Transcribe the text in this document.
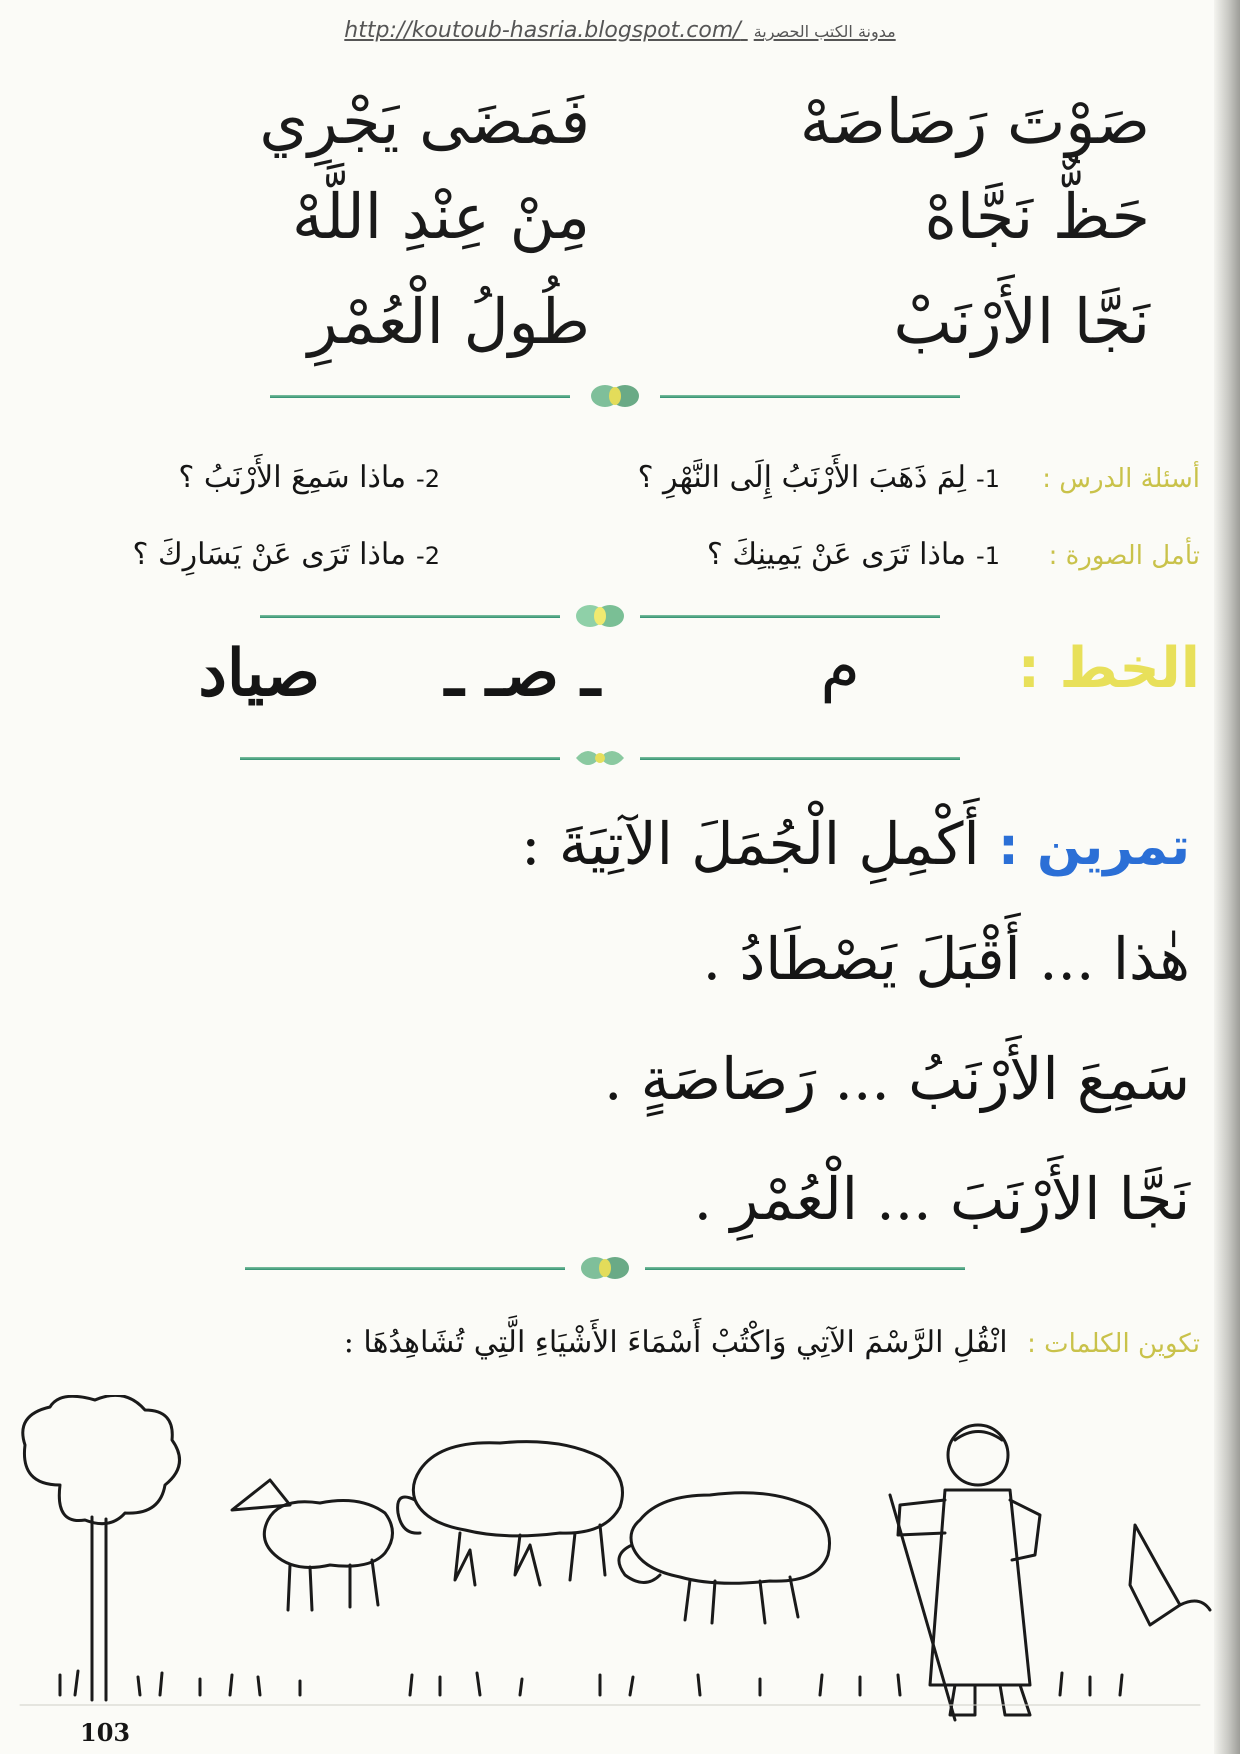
http://koutoub-hasria.blogspot.com/ مدونة الكتب الحصرية
صَوْتَ رَصَاصَهْ
فَمَضَى يَجْرِي
حَظٌّ نَجَّاهْ
مِنْ عِنْدِ اللَّهْ
نَجَّا الأَرْنَبْ
طُولُ الْعُمْرِ
أسئلة الدرس :
1-لِمَ ذَهَبَ الأَرْنَبُ إِلَى النَّهْرِ ؟
2-ماذا سَمِعَ الأَرْنَبُ ؟
تأمل الصورة :
1-ماذا تَرَى عَنْ يَمِينِكَ ؟
2-ماذا تَرَى عَنْ يَسَارِكَ ؟
الخط :
م
ـ صـ ـ
صياد
تمرين : أَكْمِلِ الْجُمَلَ الآتِيَةَ :
هٰذا ... أَقْبَلَ يَصْطَادُ .
سَمِعَ الأَرْنَبُ ... رَصَاصَةٍ .
نَجَّا الأَرْنَبَ ... الْعُمْرِ .
تكوين الكلمات : انْقُلِ الرَّسْمَ الآتِي وَاكْتُبْ أَسْمَاءَ الأَشْيَاءِ الَّتِي تُشَاهِدُهَا :
103
